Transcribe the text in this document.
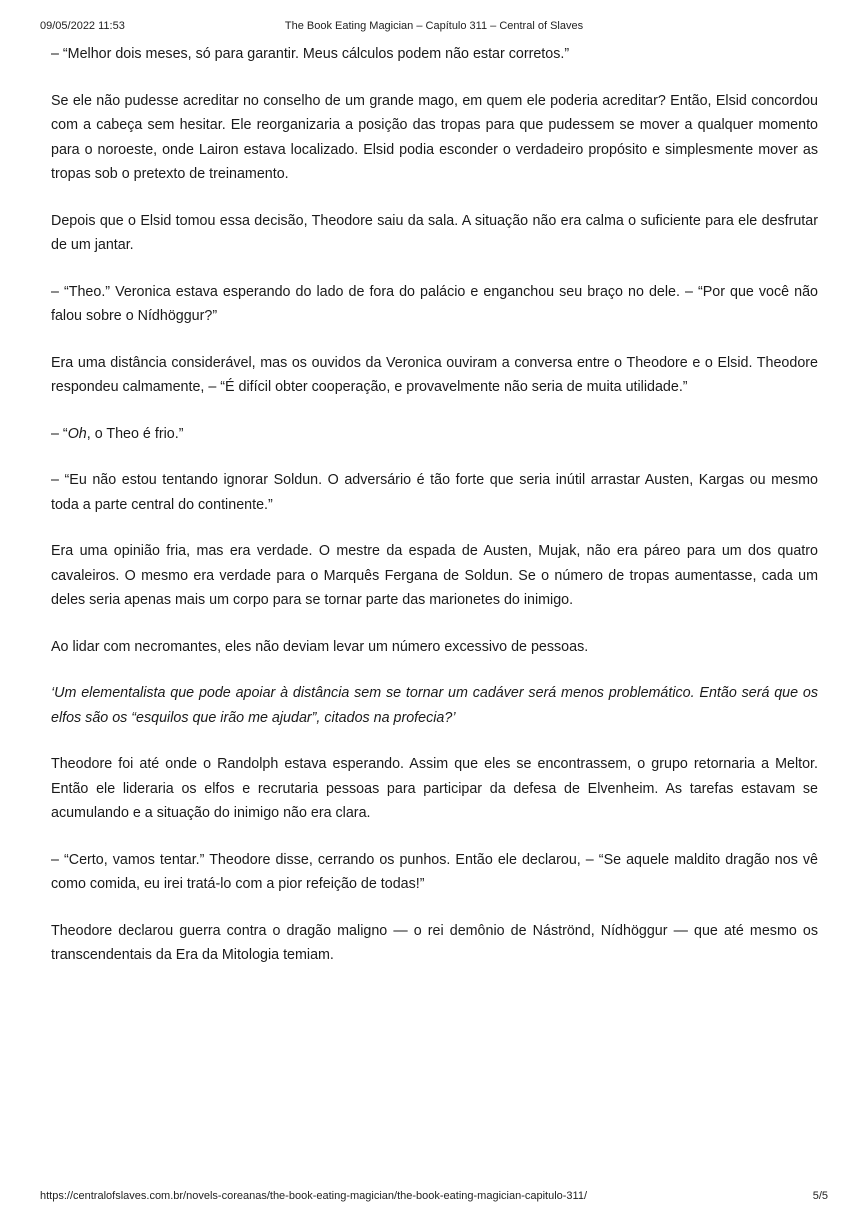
09/05/2022 11:53	The Book Eating Magician – Capítulo 311 – Central of Slaves

– “Melhor dois meses, só para garantir. Meus cálculos podem não estar corretos.”

Se ele não pudesse acreditar no conselho de um grande mago, em quem ele poderia acreditar? Então, Elsid concordou com a cabeça sem hesitar. Ele reorganizaria a posição das tropas para que pudessem se mover a qualquer momento para o noroeste, onde Lairon estava localizado. Elsid podia esconder o verdadeiro propósito e simplesmente mover as tropas sob o pretexto de treinamento.

Depois que o Elsid tomou essa decisão, Theodore saiu da sala. A situação não era calma o suficiente para ele desfrutar de um jantar.

– “Theo.” Veronica estava esperando do lado de fora do palácio e enganchou seu braço no dele. – “Por que você não falou sobre o Nídhöggur?”

Era uma distância considerável, mas os ouvidos da Veronica ouviram a conversa entre o Theodore e o Elsid. Theodore respondeu calmamente, – “É difícil obter cooperação, e provavelmente não seria de muita utilidade.”

– “Oh, o Theo é frio.”

– “Eu não estou tentando ignorar Soldun. O adversário é tão forte que seria inútil arrastar Austen, Kargas ou mesmo toda a parte central do continente.”

Era uma opinião fria, mas era verdade. O mestre da espada de Austen, Mujak, não era páreo para um dos quatro cavaleiros. O mesmo era verdade para o Marquês Fergana de Soldun. Se o número de tropas aumentasse, cada um deles seria apenas mais um corpo para se tornar parte das marionetes do inimigo.

Ao lidar com necromantes, eles não deviam levar um número excessivo de pessoas.

‘Um elementalista que pode apoiar à distância sem se tornar um cadáver será menos problemático. Então será que os elfos são os “esquilos que irão me ajudar”, citados na profecia?’

Theodore foi até onde o Randolph estava esperando. Assim que eles se encontrassem, o grupo retornaria a Meltor. Então ele lideraria os elfos e recrutaria pessoas para participar da defesa de Elvenheim. As tarefas estavam se acumulando e a situação do inimigo não era clara.

– “Certo, vamos tentar.” Theodore disse, cerrando os punhos. Então ele declarou, – “Se aquele maldito dragão nos vê como comida, eu irei tratá-lo com a pior refeição de todas!”

Theodore declarou guerra contra o dragão maligno — o rei demônio de Náströnd, Nídhöggur — que até mesmo os transcendentais da Era da Mitologia temiam.

https://centralofslaves.com.br/novels-coreanas/the-book-eating-magician/the-book-eating-magician-capitulo-311/	5/5
